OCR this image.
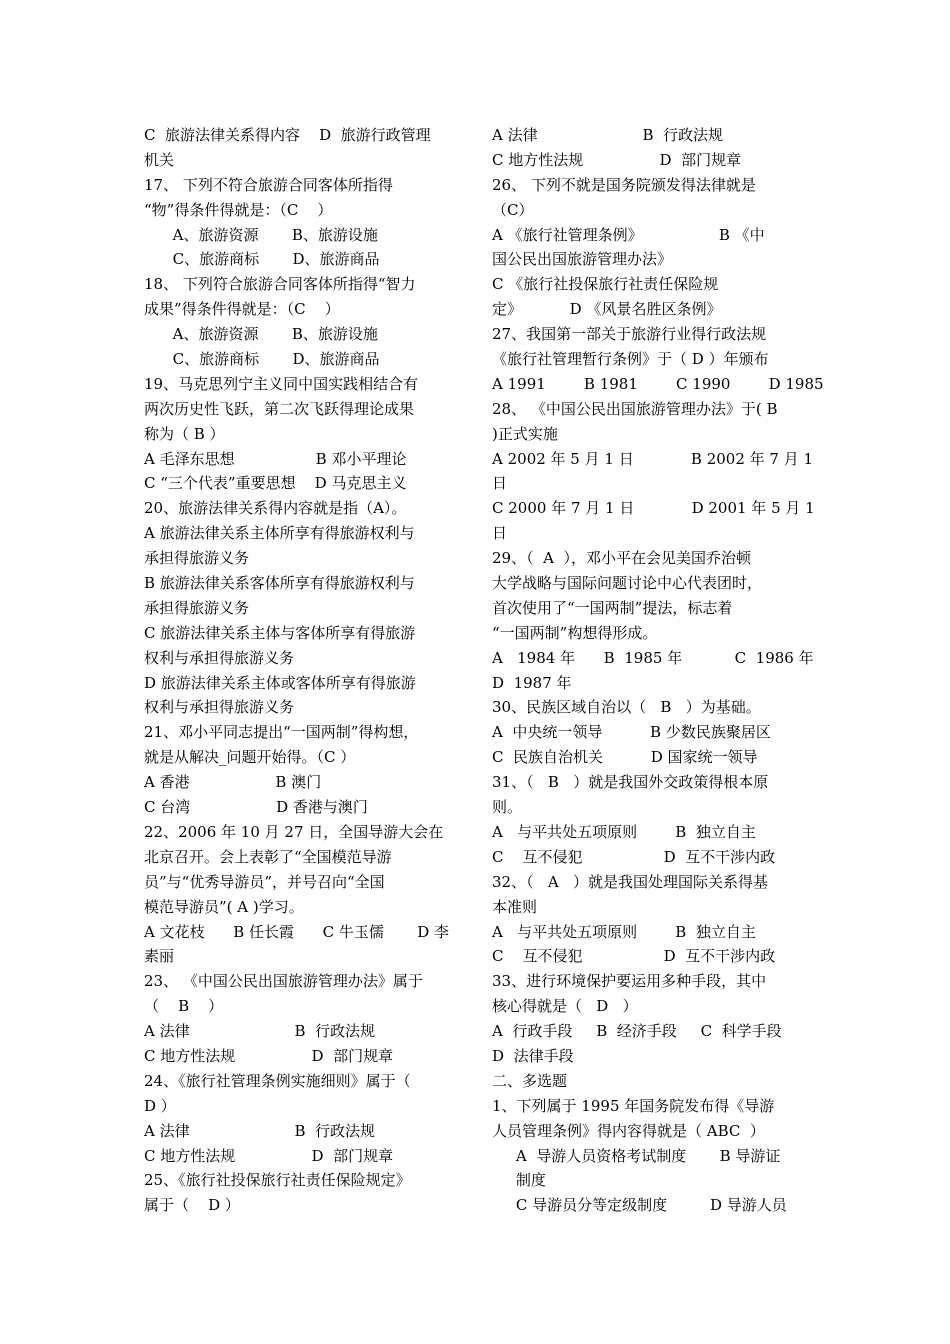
C  旅游法律关系得内容    D  旅游行政管理
机关
17、 下列不符合旅游合同客体所指得
“物”得条件得就是：（C    ）
A、旅游资源       B、旅游设施
C、旅游商标       D、旅游商品
18、 下列符合旅游合同客体所指得“智力
成果”得条件得就是：（C    ）
A、旅游资源       B、旅游设施
C、旅游商标       D、旅游商品
19、马克思列宁主义同中国实践相结合有
两次历史性飞跃，第二次飞跃得理论成果
称为（ B ）
A 毛泽东思想                 B 邓小平理论
C “三个代表”重要思想    D 马克思主义
20、旅游法律关系得内容就是指（A）。
A 旅游法律关系主体所享有得旅游权利与
承担得旅游义务
B 旅游法律关系客体所享有得旅游权利与
承担得旅游义务
C 旅游法律关系主体与客体所享有得旅游
权利与承担得旅游义务
D 旅游法律关系主体或客体所享有得旅游
权利与承担得旅游义务
21、邓小平同志提出“一国两制”得构想，
就是从解决_问题开始得。（C ）
A 香港                  B 澳门
C 台湾                  D 香港与澳门
22、2006 年 10 月 27 日，全国导游大会在
北京召开。会上表彰了“全国模范导游
员”与“优秀导游员”，并号召向“全国
模范导游员”( A )学习。
A 文花枝      B 任长霞      C 牛玉儒       D 李
素丽
23、 《中国公民出国旅游管理办法》属于
（    B    ）
A 法律                      B  行政法规
C 地方性法规                D  部门规章
24、《旅行社管理条例实施细则》属于（
D ）
A 法律                      B  行政法规
C 地方性法规                D  部门规章
25、《旅行社投保旅行社责任保险规定》
属于（    D ）
A 法律                      B  行政法规
C 地方性法规                D  部门规章
26、 下列不就是国务院颁发得法律就是
（C）
A 《旅行社管理条例》                B 《中
国公民出国旅游管理办法》
C 《旅行社投保旅行社责任保险规
定》          D 《风景名胜区条例》
27、我国第一部关于旅游行业得行政法规
《旅行社管理暂行条例》于（ D ）年颁布
A 1991        B 1981        C 1990        D 1985
28、 《中国公民出国旅游管理办法》于( B
)正式实施
A 2002 年 5 月 1 日            B 2002 年 7 月 1
日
C 2000 年 7 月 1 日            D 2001 年 5 月 1
日
29、（  A  ），邓小平在会见美国乔治顿
大学战略与国际问题讨论中心代表团时，
首次使用了“一国两制”提法，标志着
“一国两制”构想得形成。
A   1984 年      B  1985 年           C  1986 年
D  1987 年
30、民族区域自治以（   B   ）为基础。
A  中央统一领导          B 少数民族聚居区
C  民族自治机关          D 国家统一领导
31、（   B   ）就是我国外交政策得根本原
则。
A   与平共处五项原则        B  独立自主
C    互不侵犯                 D  互不干涉内政
32、（   A   ）就是我国处理国际关系得基
本准则
A   与平共处五项原则        B  独立自主
C    互不侵犯                 D  互不干涉内政
33、进行环境保护要运用多种手段，其中
核心得就是（   D   ）
A  行政手段     B  经济手段     C  科学手段
D  法律手段
二、多选题
1、下列属于 1995 年国务院发布得《导游
人员管理条例》得内容得就是（ ABC  ）
A  导游人员资格考试制度       B 导游证
制度
C 导游员分等定级制度         D 导游人员
